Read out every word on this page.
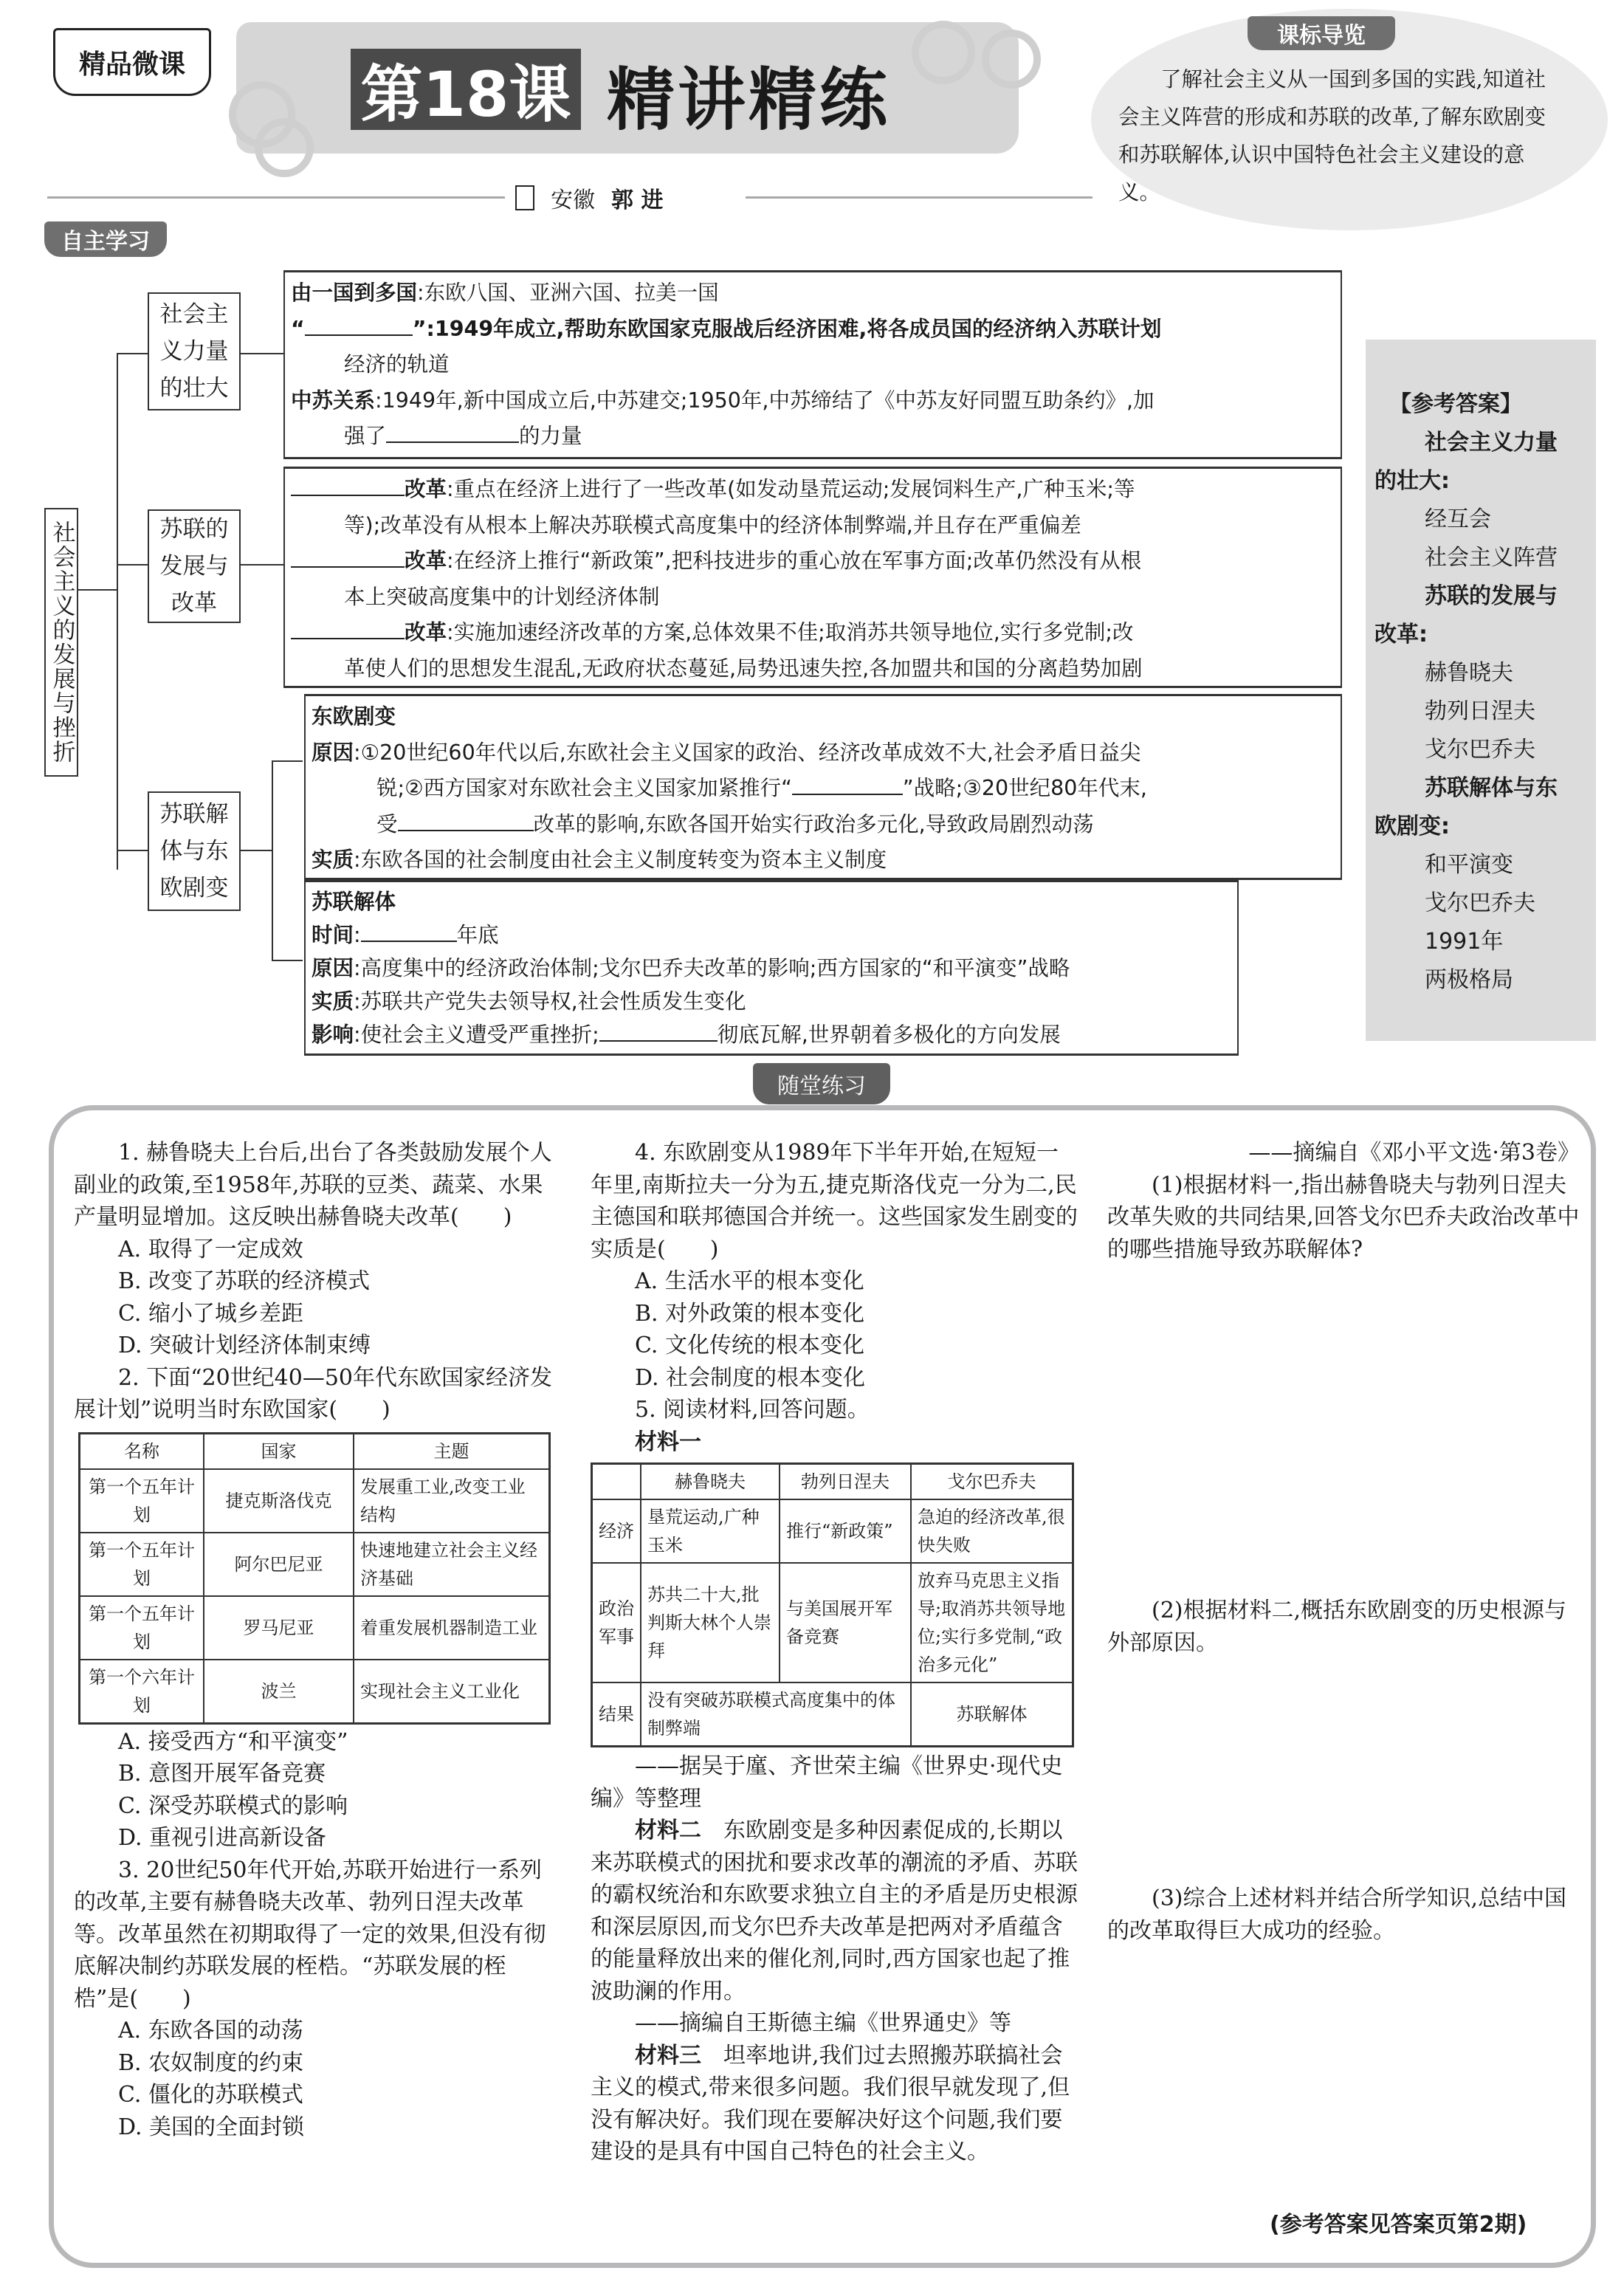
精品微课	第18课 精讲精练
安徽 郭 进
课标导览
了解社会主义从一国到多国的实践,知道社会主义阵营的形成和苏联的改革,了解东欧剧变和苏联解体,认识中国特色社会主义建设的意义。
自主学习
社会主义的发展与挫折
社会主
义力量
的壮大
苏联的
发展与
改革
苏联解
体与东
欧剧变
由一国到多国:东欧八国、亚洲六国、拉美一国
“	”:1949年成立,帮助东欧国家克服战后经济困难,将各成员国的经济纳入苏联计划
经济的轨道
中苏关系:1949年,新中国成立后,中苏建交;1950年,中苏缔结了《中苏友好同盟互助条约》,加
强了	的力量
改革:重点在经济上进行了一些改革(如发动垦荒运动;发展饲料生产,广种玉米;等
等);改革没有从根本上解决苏联模式高度集中的经济体制弊端,并且存在严重偏差
改革:在经济上推行“新政策”,把科技进步的重心放在军事方面;改革仍然没有从根
本上突破高度集中的计划经济体制
改革:实施加速经济改革的方案,总体效果不佳;取消苏共领导地位,实行多党制;改
革使人们的思想发生混乱,无政府状态蔓延,局势迅速失控,各加盟共和国的分离趋势加剧
东欧剧变
原因:①20世纪60年代以后,东欧社会主义国家的政治、经济改革成效不大,社会矛盾日益尖
锐;②西方国家对东欧社会主义国家加紧推行“	”战略;③20世纪80年代末,
受	改革的影响,东欧各国开始实行政治多元化,导致政局剧烈动荡
实质:东欧各国的社会制度由社会主义制度转变为资本主义制度
苏联解体
时间:	年底
原因:高度集中的经济政治体制;戈尔巴乔夫改革的影响;西方国家的“和平演变”战略
实质:苏联共产党失去领导权,社会性质发生变化
影响:使社会主义遭受严重挫折;	彻底瓦解,世界朝着多极化的方向发展
【参考答案】
社会主义力量
的壮大:
经互会
社会主义阵营
苏联的发展与
改革:
赫鲁晓夫
勃列日涅夫
戈尔巴乔夫
苏联解体与东
欧剧变:
和平演变
戈尔巴乔夫
1991年
两极格局
随堂练习

1. 赫鲁晓夫上台后,出台了各类鼓励发展个人副业的政策,至1958年,苏联的豆类、蔬菜、水果产量明显增加。这反映出赫鲁晓夫改革(　　)

A. 取得了一定成效

B. 改变了苏联的经济模式

C. 缩小了城乡差距

D. 突破计划经济体制束缚

2. 下面“20世纪40—50年代东欧国家经济发展计划”说明当时东欧国家(　　)

名称	国家	主题
第一个五年计划	捷克斯洛伐克	发展重工业,改变工业结构
第一个五年计划	阿尔巴尼亚	快速地建立社会主义经济基础
第一个五年计划	罗马尼亚	着重发展机器制造工业
第一个六年计划	波兰	实现社会主义工业化

A. 接受西方“和平演变”

B. 意图开展军备竞赛

C. 深受苏联模式的影响

D. 重视引进高新设备

3. 20世纪50年代开始,苏联开始进行一系列的改革,主要有赫鲁晓夫改革、勃列日涅夫改革等。改革虽然在初期取得了一定的效果,但没有彻底解决制约苏联发展的桎梏。“苏联发展的桎梏”是(　　)

A. 东欧各国的动荡

B. 农奴制度的约束

C. 僵化的苏联模式

D. 美国的全面封锁

4. 东欧剧变从1989年下半年开始,在短短一年里,南斯拉夫一分为五,捷克斯洛伐克一分为二,民主德国和联邦德国合并统一。这些国家发生剧变的实质是(　　)

A. 生活水平的根本变化

B. 对外政策的根本变化

C. 文化传统的根本变化

D. 社会制度的根本变化

5. 阅读材料,回答问题。

材料一

	赫鲁晓夫	勃列日涅夫	戈尔巴乔夫
经济	垦荒运动,广种玉米	推行“新政策”	急迫的经济改革,很快失败
政治军事	苏共二十大,批判斯大林个人崇拜	与美国展开军备竞赛	放弃马克思主义指导;取消苏共领导地位;实行多党制,“政治多元化”
结果	没有突破苏联模式高度集中的体制弊端		苏联解体

——据吴于廑、齐世荣主编《世界史·现代史编》等整理

材料二　 东欧剧变是多种因素促成的,长期以来苏联模式的困扰和要求改革的潮流的矛盾、苏联的霸权统治和东欧要求独立自主的矛盾是历史根源和深层原因,而戈尔巴乔夫改革是把两对矛盾蕴含的能量释放出来的催化剂,同时,西方国家也起了推波助澜的作用。

——摘编自王斯德主编《世界通史》等

材料三　 坦率地讲,我们过去照搬苏联搞社会主义的模式,带来很多问题。我们很早就发现了,但没有解决好。我们现在要解决好这个问题,我们要建设的是具有中国自己特色的社会主义。

——摘编自《邓小平文选·第3卷》

(1)根据材料一,指出赫鲁晓夫与勃列日涅夫改革失败的共同结果,回答戈尔巴乔夫政治改革中的哪些措施导致苏联解体?

(2)根据材料二,概括东欧剧变的历史根源与外部原因。

(3)综合上述材料并结合所学知识,总结中国的改革取得巨大成功的经验。

(参考答案见答案页第2期)
